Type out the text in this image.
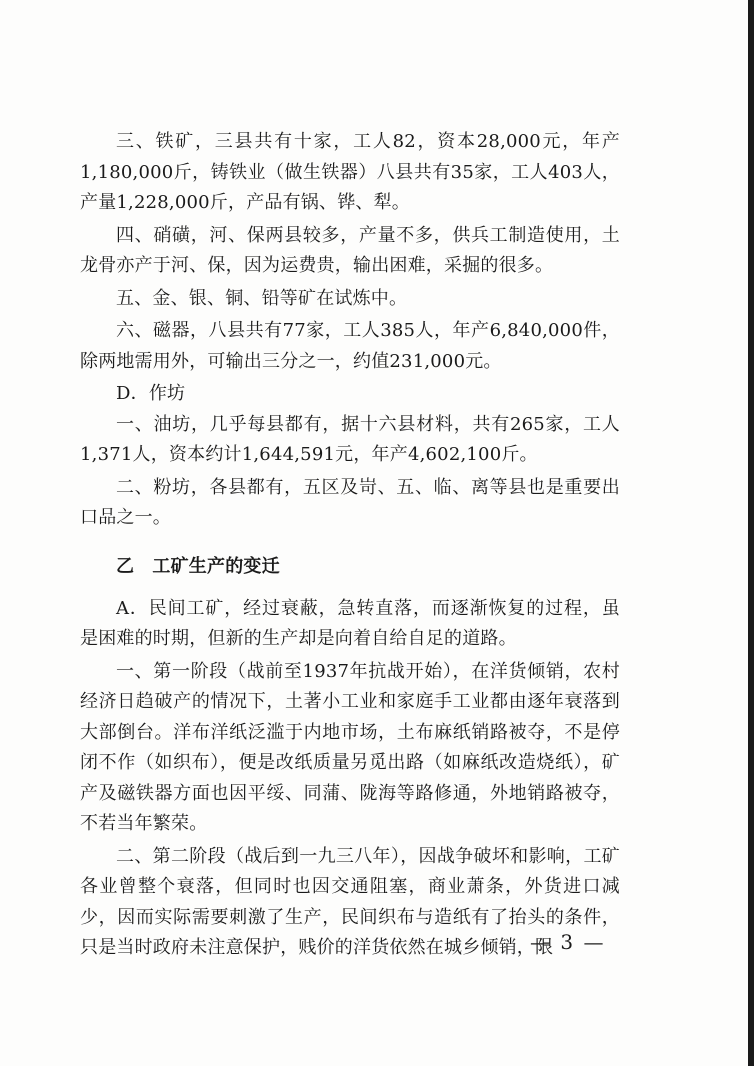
三、铁矿，三县共有十家，工人82，资本28,000元，年产1,180,000斤，铸铁业（做生铁器）八县共有35家，工人403人，产量1,228,000斤，产品有锅、铧、犁。

四、硝磺，河、保两县较多，产量不多，供兵工制造使用，土龙骨亦产于河、保，因为运费贵，输出困难，采掘的很多。

五、金、银、铜、铅等矿在试炼中。

六、磁器，八县共有77家，工人385人，年产6,840,000件，除两地需用外，可输出三分之一，约值231,000元。

D．作坊

一、油坊，几乎每县都有，据十六县材料，共有265家，工人1,371人，资本约计1,644,591元，年产4,602,100斤。

二、粉坊，各县都有，五区及岢、五、临、离等县也是重要出口品之一。

乙　工矿生产的变迁

A．民间工矿，经过衰蔽，急转直落，而逐渐恢复的过程，虽是困难的时期，但新的生产却是向着自给自足的道路。

一、第一阶段（战前至1937年抗战开始），在洋货倾销，农村经济日趋破产的情况下，土著小工业和家庭手工业都由逐年衰落到大部倒台。洋布洋纸泛滥于内地市场，土布麻纸销路被夺，不是停闭不作（如织布），便是改纸质量另觅出路（如麻纸改造烧纸），矿产及磁铁器方面也因平绥、同蒲、陇海等路修通，外地销路被夺，不若当年繁荣。

二、第二阶段（战后到一九三八年），因战争破坏和影响，工矿各业曾整个衰落，但同时也因交通阻塞，商业萧条，外货进口减少，因而实际需要刺激了生产，民间织布与造纸有了抬头的条件，只是当时政府未注意保护，贱价的洋货依然在城乡倾销，限

— 3 —
